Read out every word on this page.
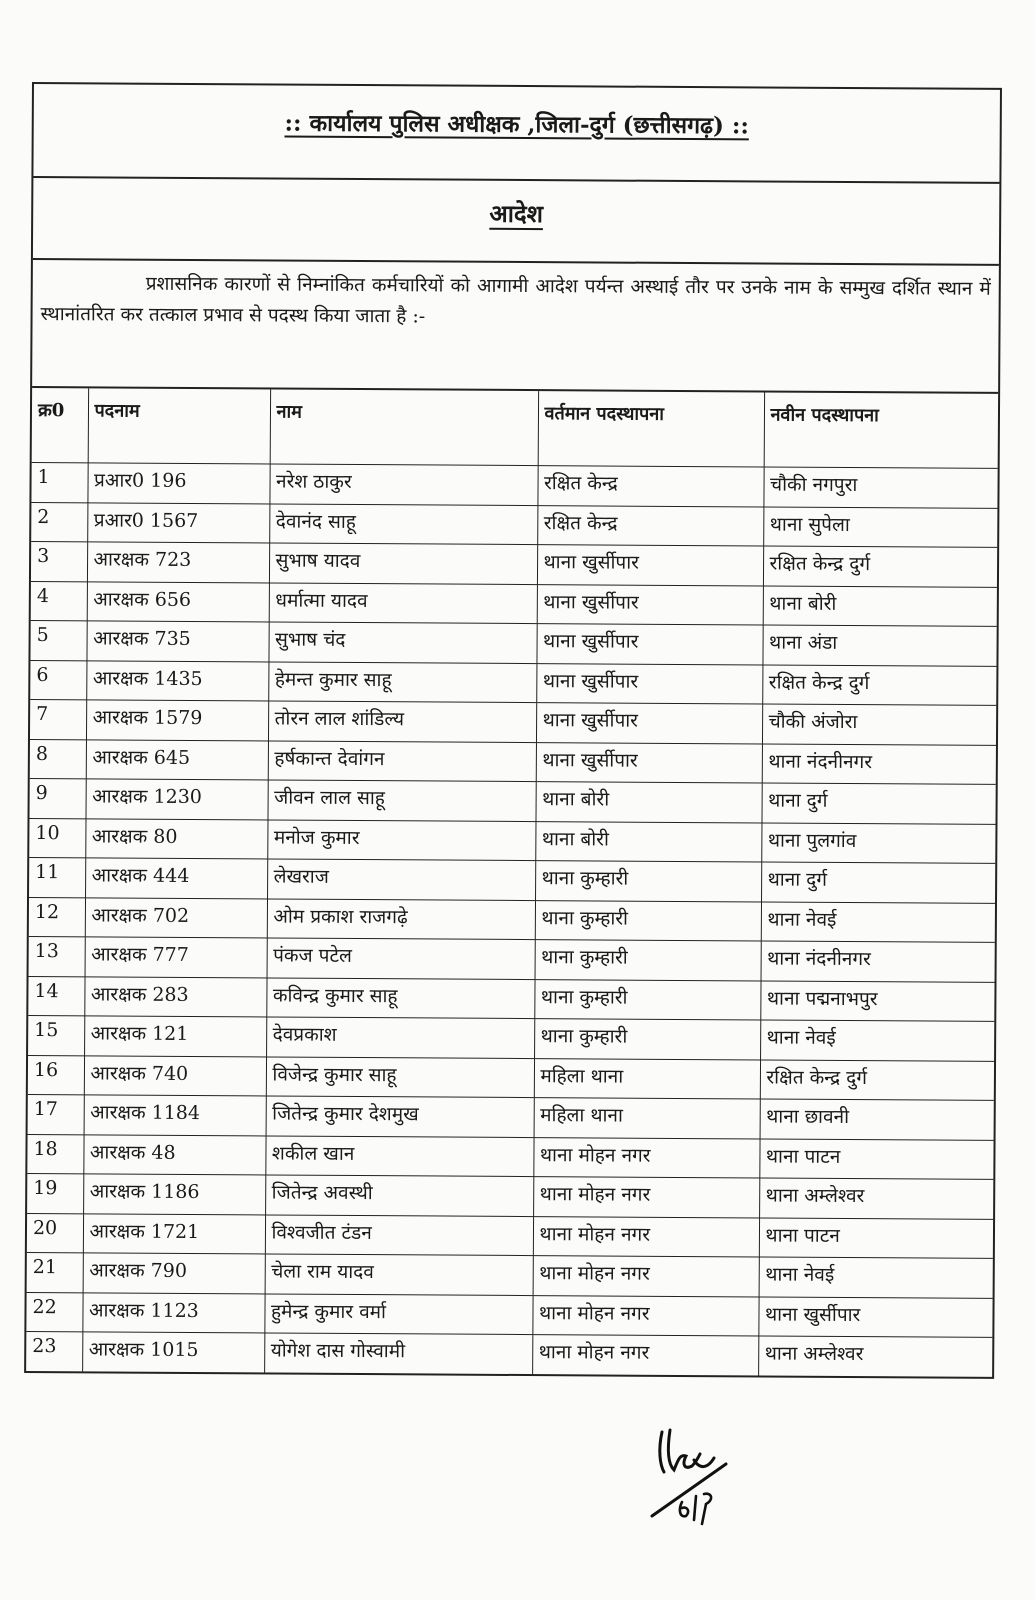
:: कार्यालय पुलिस अधीक्षक ,जिला-दुर्ग (छत्तीसगढ़) ::
आदेश

प्रशासनिक कारणों से निम्नांकित कर्मचारियों को आगामी आदेश पर्यन्त अस्थाई तौर पर उनके नाम के सम्मुख दर्शित स्थान में स्थानांतरित कर तत्काल प्रभाव से पदस्थ किया जाता है :-

क्र0	पदनाम	नाम	वर्तमान पदस्थापना	नवीन पदस्थापना
1	प्रआर0 196	नरेश ठाकुर	रक्षित केन्द्र	चौकी नगपुरा
2	प्रआर0 1567	देवानंद साहू	रक्षित केन्द्र	थाना सुपेला
3	आरक्षक 723	सुभाष यादव	थाना खुर्सीपार	रक्षित केन्द्र दुर्ग
4	आरक्षक 656	धर्मात्मा यादव	थाना खुर्सीपार	थाना बोरी
5	आरक्षक 735	सुभाष चंद	थाना खुर्सीपार	थाना अंडा
6	आरक्षक 1435	हेमन्त कुमार साहू	थाना खुर्सीपार	रक्षित केन्द्र दुर्ग
7	आरक्षक 1579	तोरन लाल शांडिल्य	थाना खुर्सीपार	चौकी अंजोरा
8	आरक्षक 645	हर्षकान्त देवांगन	थाना खुर्सीपार	थाना नंदनीनगर
9	आरक्षक 1230	जीवन लाल साहू	थाना बोरी	थाना दुर्ग
10	आरक्षक 80	मनोज कुमार	थाना बोरी	थाना पुलगांव
11	आरक्षक 444	लेखराज	थाना कुम्हारी	थाना दुर्ग
12	आरक्षक 702	ओम प्रकाश राजगढ़े	थाना कुम्हारी	थाना नेवई
13	आरक्षक 777	पंकज पटेल	थाना कुम्हारी	थाना नंदनीनगर
14	आरक्षक 283	कविन्द्र कुमार साहू	थाना कुम्हारी	थाना पद्मनाभपुर
15	आरक्षक 121	देवप्रकाश	थाना कुम्हारी	थाना नेवई
16	आरक्षक 740	विजेन्द्र कुमार साहू	महिला थाना	रक्षित केन्द्र दुर्ग
17	आरक्षक 1184	जितेन्द्र कुमार देशमुख	महिला थाना	थाना छावनी
18	आरक्षक 48	शकील खान	थाना मोहन नगर	थाना पाटन
19	आरक्षक 1186	जितेन्द्र अवस्थी	थाना मोहन नगर	थाना अम्लेश्वर
20	आरक्षक 1721	विश्वजीत टंडन	थाना मोहन नगर	थाना पाटन
21	आरक्षक 790	चेला राम यादव	थाना मोहन नगर	थाना नेवई
22	आरक्षक 1123	हुमेन्द्र कुमार वर्मा	थाना मोहन नगर	थाना खुर्सीपार
23	आरक्षक 1015	योगेश दास गोस्वामी	थाना मोहन नगर	थाना अम्लेश्वर
